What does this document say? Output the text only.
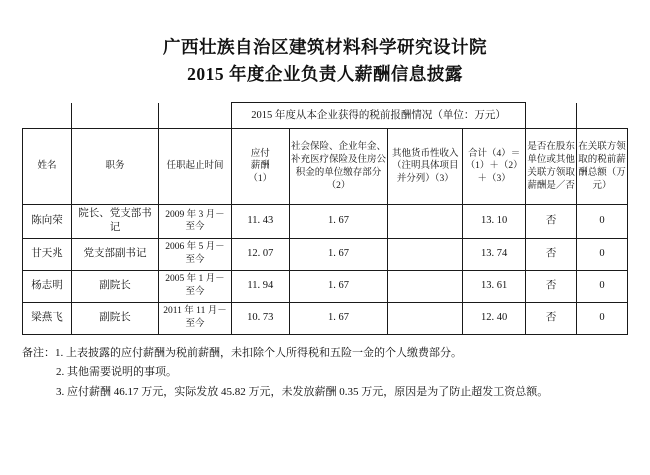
广西壮族自治区建筑材料科学研究设计院
2015 年度企业负责人薪酬信息披露
			2015 年度从本企业获得的税前报酬情况（单位：万元）					

姓名	职务	任职起止时间	应付
薪酬
（1）	社会保险、企业年金、补充医疗保险及住房公积金的单位缴存部分（2）	其他货币性收入（注明具体项目并分列）（3）	合计（4）＝（1）＋（2）＋（3）	是否在股东单位或其他关联方领取薪酬是／否	在关联方领取的税前薪酬总额（万元）
陈向荣	院长、党支部书记	2009 年 3 月－
至今	11. 43	1. 67		13. 10	否	0
甘天兆	党支部副书记	2006 年 5 月－
至今	12. 07	1. 67		13. 74	否	0
杨志明	副院长	2005 年 1 月－
至今	11. 94	1. 67		13. 61	否	0
梁燕飞	副院长	2011 年 11 月－
至今	10. 73	1. 67		12. 40	否	0
备注：1. 上表披露的应付薪酬为税前薪酬，未扣除个人所得税和五险一金的个人缴费部分。
2. 其他需要说明的事项。
3. 应付薪酬 46.17 万元，实际发放 45.82 万元，未发放薪酬 0.35 万元，原因是为了防止超发工资总额。
